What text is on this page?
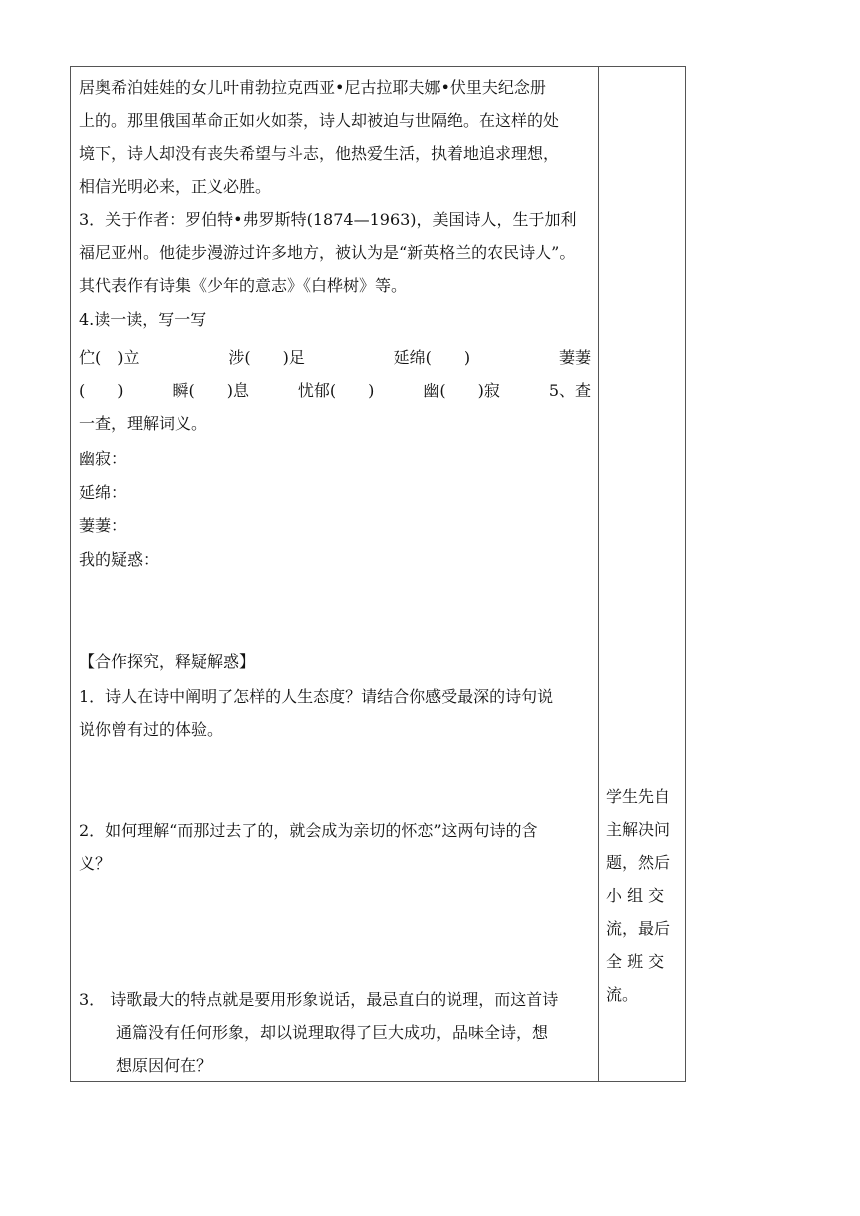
居奥希泊娃娃的女儿叶甫勃拉克西亚•尼古拉耶夫娜•伏里夫纪念册
上的。那里俄国革命正如火如荼，诗人却被迫与世隔绝。在这样的处
境下，诗人却没有丧失希望与斗志，他热爱生活，执着地追求理想，
相信光明必来，正义必胜。
3．关于作者：罗伯特•弗罗斯特(1874—1963)，美国诗人，生于加利
福尼亚州。他徒步漫游过许多地方，被认为是“新英格兰的农民诗人”。
其代表作有诗集《少年的意志》《白桦树》等。
4.读一读，写一写
伫(　)立	涉(　　)足	延绵(　　)	萋萋
(　　)	瞬(　　)息	忧郁(　　)	幽(　　)寂	5、查
一查，理解词义。
幽寂：
延绵：
萋萋：
我的疑惑：
【合作探究，释疑解惑】
1．诗人在诗中阐明了怎样的人生态度？请结合你感受最深的诗句说
说你曾有过的体验。
2．如何理解“而那过去了的，就会成为亲切的怀恋”这两句诗的含
义？
3． 诗歌最大的特点就是要用形象说话，最忌直白的说理，而这首诗
通篇没有任何形象，却以说理取得了巨大成功，品味全诗，想
想原因何在？
学生先自
主解决问
题，然后
小 组 交
流，最后
全 班 交
流。
